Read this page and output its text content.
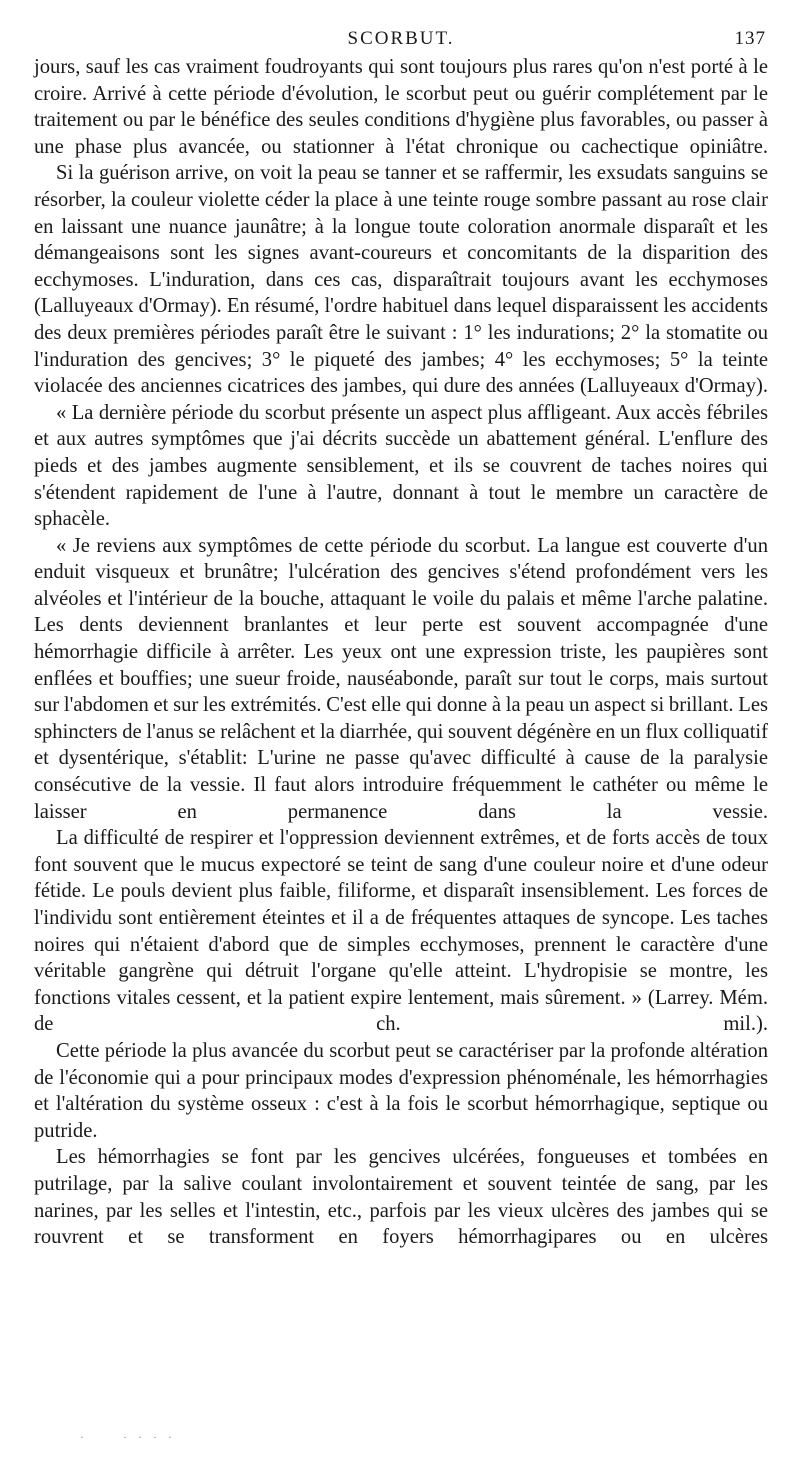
SCORBUT.	137

jours, sauf les cas vraiment foudroyants qui sont toujours plus rares qu'on n'est porté à le croire. Arrivé à cette période d'évolution, le scorbut peut ou guérir complétement par le traitement ou par le bénéfice des seules conditions d'hygiène plus favorables, ou passer à une phase plus avancée, ou stationner à l'état chronique ou cachectique opiniâtre.

Si la guérison arrive, on voit la peau se tanner et se raffermir, les exsudats sanguins se résorber, la couleur violette céder la place à une teinte rouge sombre passant au rose clair en laissant une nuance jaunâtre; à la longue toute coloration anormale disparaît et les démangeaisons sont les signes avant-coureurs et concomitants de la disparition des ecchymoses. L'induration, dans ces cas, disparaîtrait toujours avant les ecchymoses (Lalluyeaux d'Ormay). En résumé, l'ordre habituel dans lequel disparaissent les accidents des deux premières périodes paraît être le suivant : 1° les indurations; 2° la stomatite ou l'induration des gencives; 3° le piqueté des jambes; 4° les ecchymoses; 5° la teinte violacée des anciennes cicatrices des jambes, qui dure des années (Lalluyeaux d'Ormay).

« La dernière période du scorbut présente un aspect plus affligeant. Aux accès fébriles et aux autres symptômes que j'ai décrits succède un abattement général. L'enflure des pieds et des jambes augmente sensiblement, et ils se couvrent de taches noires qui s'étendent rapidement de l'une à l'autre, donnant à tout le membre un caractère de sphacèle.

« Je reviens aux symptômes de cette période du scorbut. La langue est couverte d'un enduit visqueux et brunâtre; l'ulcération des gencives s'étend profondément vers les alvéoles et l'intérieur de la bouche, attaquant le voile du palais et même l'arche palatine. Les dents deviennent branlantes et leur perte est souvent accompagnée d'une hémorrhagie difficile à arrêter. Les yeux ont une expression triste, les paupières sont enflées et bouffies; une sueur froide, nauséabonde, paraît sur tout le corps, mais surtout sur l'abdomen et sur les extrémités. C'est elle qui donne à la peau un aspect si brillant. Les sphincters de l'anus se relâchent et la diarrhée, qui souvent dégénère en un flux colliquatif et dysentérique, s'établit: L'urine ne passe qu'avec difficulté à cause de la paralysie consécutive de la vessie. Il faut alors introduire fréquemment le cathéter ou même le laisser en permanence dans la vessie.

La difficulté de respirer et l'oppression deviennent extrêmes, et de forts accès de toux font souvent que le mucus expectoré se teint de sang d'une couleur noire et d'une odeur fétide. Le pouls devient plus faible, filiforme, et disparaît insensiblement. Les forces de l'individu sont entièrement éteintes et il a de fréquentes attaques de syncope. Les taches noires qui n'étaient d'abord que de simples ecchymoses, prennent le caractère d'une véritable gangrène qui détruit l'organe qu'elle atteint. L'hydropisie se montre, les fonctions vitales cessent, et la patient expire lentement, mais sûrement. » (Larrey. Mém. de ch. mil.).

Cette période la plus avancée du scorbut peut se caractériser par la profonde altération de l'économie qui a pour principaux modes d'expression phénoménale, les hémorrhagies et l'altération du système osseux : c'est à la fois le scorbut hémorrhagique, septique ou putride.

Les hémorrhagies se font par les gencives ulcérées, fongueuses et tombées en putrilage, par la salive coulant involontairement et souvent teintée de sang, par les narines, par les selles et l'intestin, etc., parfois par les vieux ulcères des jambes qui se rouvrent et se transforment en foyers hémorrhagipares ou en ulcères

·     · · · ·
